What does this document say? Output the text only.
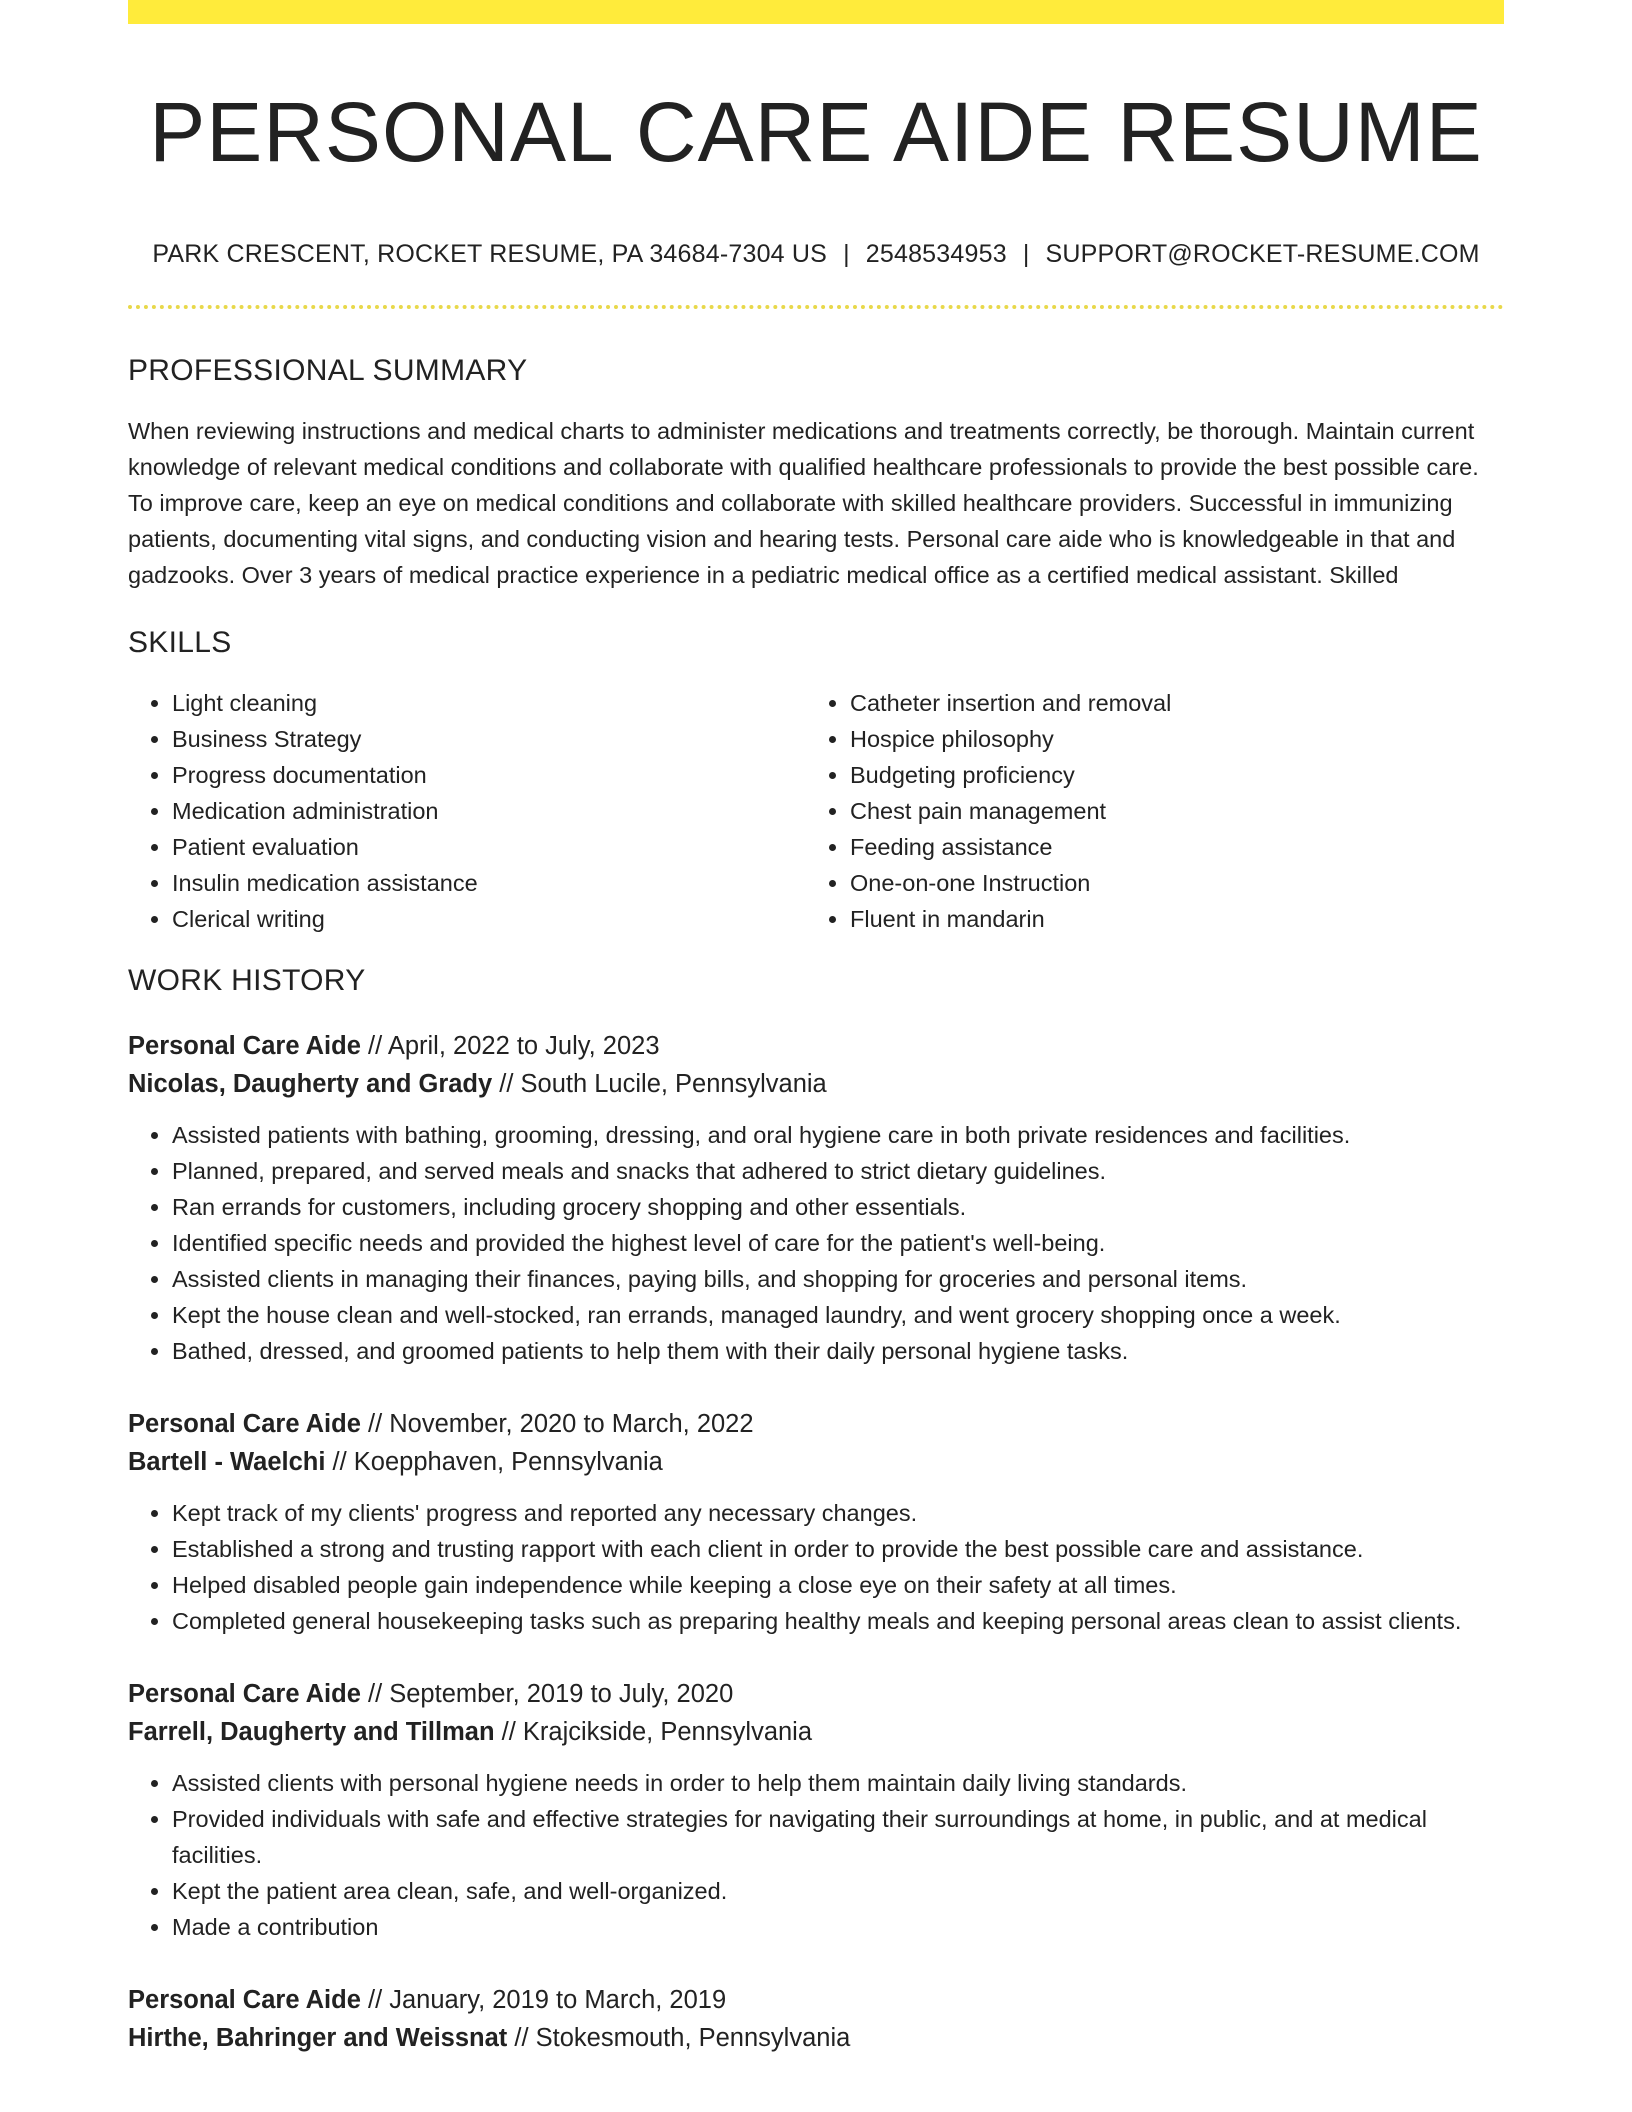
PERSONAL CARE AIDE RESUME
PARK CRESCENT, ROCKET RESUME, PA 34684-7304 US | 2548534953 | SUPPORT@ROCKET-RESUME.COM
PROFESSIONAL SUMMARY

When reviewing instructions and medical charts to administer medications and treatments correctly, be thorough. Maintain current knowledge of relevant medical conditions and collaborate with qualified healthcare professionals to provide the best possible care. To improve care, keep an eye on medical conditions and collaborate with skilled healthcare providers. Successful in immunizing patients, documenting vital signs, and conducting vision and hearing tests. Personal care aide who is knowledgeable in that and gadzooks. Over 3 years of medical practice experience in a pediatric medical office as a certified medical assistant. Skilled

SKILLS
• Light cleaning
• Business Strategy
• Progress documentation
• Medication administration
• Patient evaluation
• Insulin medication assistance
• Clerical writing
• Catheter insertion and removal
• Hospice philosophy
• Budgeting proficiency
• Chest pain management
• Feeding assistance
• One-on-one Instruction
• Fluent in mandarin
WORK HISTORY
Personal Care Aide // April, 2022 to July, 2023
Nicolas, Daugherty and Grady // South Lucile, Pennsylvania
• Assisted patients with bathing, grooming, dressing, and oral hygiene care in both private residences and facilities.
• Planned, prepared, and served meals and snacks that adhered to strict dietary guidelines.
• Ran errands for customers, including grocery shopping and other essentials.
• Identified specific needs and provided the highest level of care for the patient's well-being.
• Assisted clients in managing their finances, paying bills, and shopping for groceries and personal items.
• Kept the house clean and well-stocked, ran errands, managed laundry, and went grocery shopping once a week.
• Bathed, dressed, and groomed patients to help them with their daily personal hygiene tasks.
Personal Care Aide // November, 2020 to March, 2022
Bartell - Waelchi // Koepphaven, Pennsylvania
• Kept track of my clients' progress and reported any necessary changes.
• Established a strong and trusting rapport with each client in order to provide the best possible care and assistance.
• Helped disabled people gain independence while keeping a close eye on their safety at all times.
• Completed general housekeeping tasks such as preparing healthy meals and keeping personal areas clean to assist clients.
Personal Care Aide // September, 2019 to July, 2020
Farrell, Daugherty and Tillman // Krajcikside, Pennsylvania
• Assisted clients with personal hygiene needs in order to help them maintain daily living standards.
• Provided individuals with safe and effective strategies for navigating their surroundings at home, in public, and at medical facilities.
• Kept the patient area clean, safe, and well-organized.
• Made a contribution
Personal Care Aide // January, 2019 to March, 2019
Hirthe, Bahringer and Weissnat // Stokesmouth, Pennsylvania
